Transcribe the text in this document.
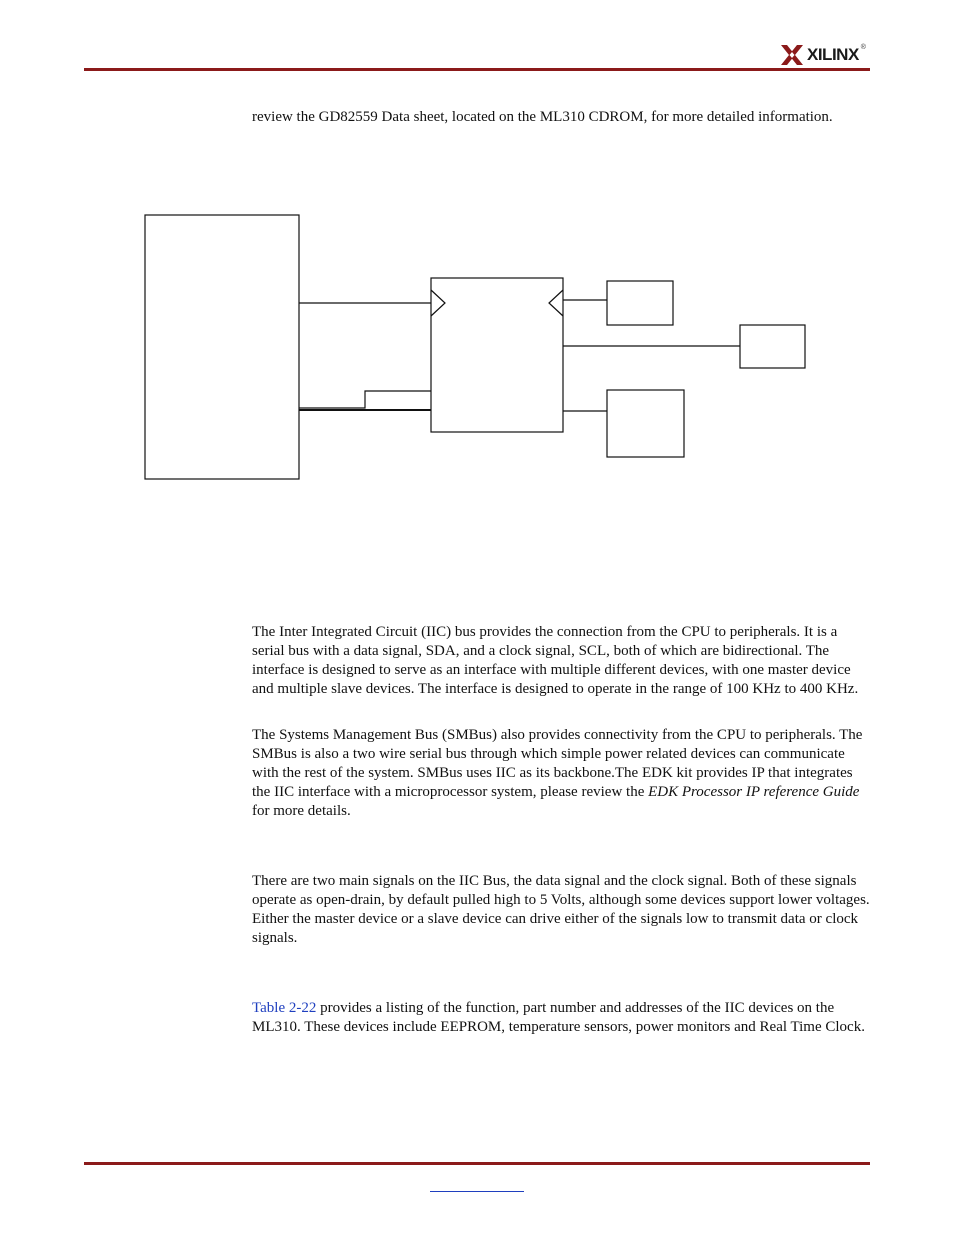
XILINX ®

review the GD82559 Data sheet, located on the ML310 CDROM, for more detailed information.

The Inter Integrated Circuit (IIC) bus provides the connection from the CPU to peripherals. It is a serial bus with a data signal, SDA, and a clock signal, SCL, both of which are bidirectional. The interface is designed to serve as an interface with multiple different devices, with one master device and multiple slave devices. The interface is designed to operate in the range of 100 KHz to 400 KHz.

The Systems Management Bus (SMBus) also provides connectivity from the CPU to peripherals. The SMBus is also a two wire serial bus through which simple power related devices can communicate with the rest of the system. SMBus uses IIC as its backbone.The EDK kit provides IP that integrates the IIC interface with a microprocessor system, please review the EDK Processor IP reference Guide for more details.

There are two main signals on the IIC Bus, the data signal and the clock signal. Both of these signals operate as open-drain, by default pulled high to 5 Volts, although some devices support lower voltages. Either the master device or a slave device can drive either of the signals low to transmit data or clock signals.

Table 2-22 provides a listing of the function, part number and addresses of the IIC devices on the ML310. These devices include EEPROM, temperature sensors, power monitors and Real Time Clock.
